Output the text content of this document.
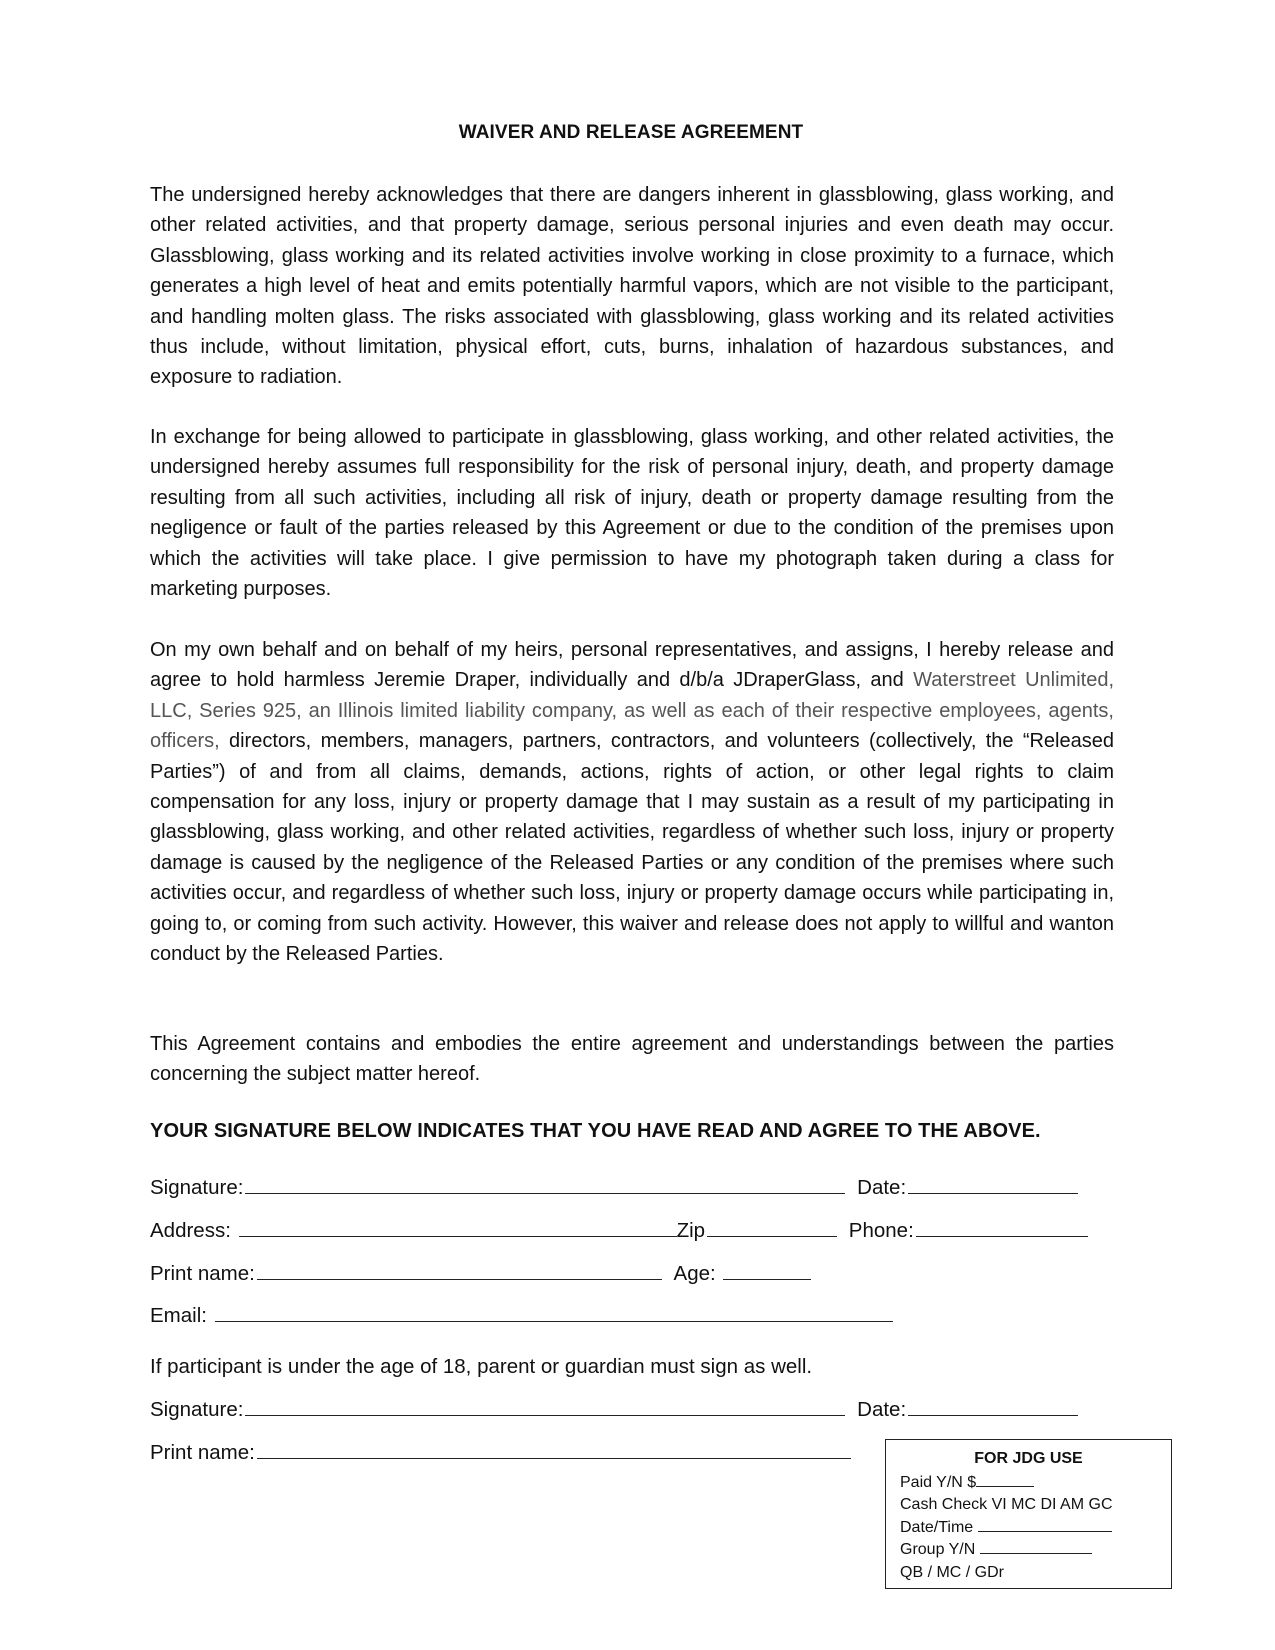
WAIVER AND RELEASE AGREEMENT

The undersigned hereby acknowledges that there are dangers inherent in glassblowing, glass working, and other related activities, and that property damage, serious personal injuries and even death may occur. Glassblowing, glass working and its related activities involve working in close proximity to a furnace, which generates a high level of heat and emits potentially harmful vapors, which are not visible to the participant, and handling molten glass. The risks associated with glassblowing, glass working and its related activities thus include, without limitation, physical effort, cuts, burns, inhalation of hazardous substances, and exposure to radiation.

In exchange for being allowed to participate in glassblowing, glass working, and other related activities, the undersigned hereby assumes full responsibility for the risk of personal injury, death, and property damage resulting from all such activities, including all risk of injury, death or property damage resulting from the negligence or fault of the parties released by this Agreement or due to the condition of the premises upon which the activities will take place. I give permission to have my photograph taken during a class for marketing purposes.

On my own behalf and on behalf of my heirs, personal representatives, and assigns, I hereby release and agree to hold harmless Jeremie Draper, individually and d/b/a JDraperGlass, and Waterstreet Unlimited, LLC, Series 925, an Illinois limited liability company, as well as each of their respective employees, agents, officers, directors, members, managers, partners, contractors, and volunteers (collectively, the “Released Parties”) of and from all claims, demands, actions, rights of action, or other legal rights to claim compensation for any loss, injury or property damage that I may sustain as a result of my participating in glassblowing, glass working, and other related activities, regardless of whether such loss, injury or property damage is caused by the negligence of the Released Parties or any condition of the premises where such activities occur, and regardless of whether such loss, injury or property damage occurs while participating in, going to, or coming from such activity. However, this waiver and release does not apply to willful and wanton conduct by the Released Parties.

This Agreement contains and embodies the entire agreement and understandings between the parties concerning the subject matter hereof.

YOUR SIGNATURE BELOW INDICATES THAT YOU HAVE READ AND AGREE TO THE ABOVE.
Signature:	Date:
Address:	Zip	Phone:
Print name:	Age:
Email:
If participant is under the age of 18, parent or guardian must sign as well.
Signature:	Date:
Print name:	FOR JDG USE
Paid Y/N $
Cash Check VI MC DI AM GC
Date/Time
Group Y/N
QB / MC / GDr
